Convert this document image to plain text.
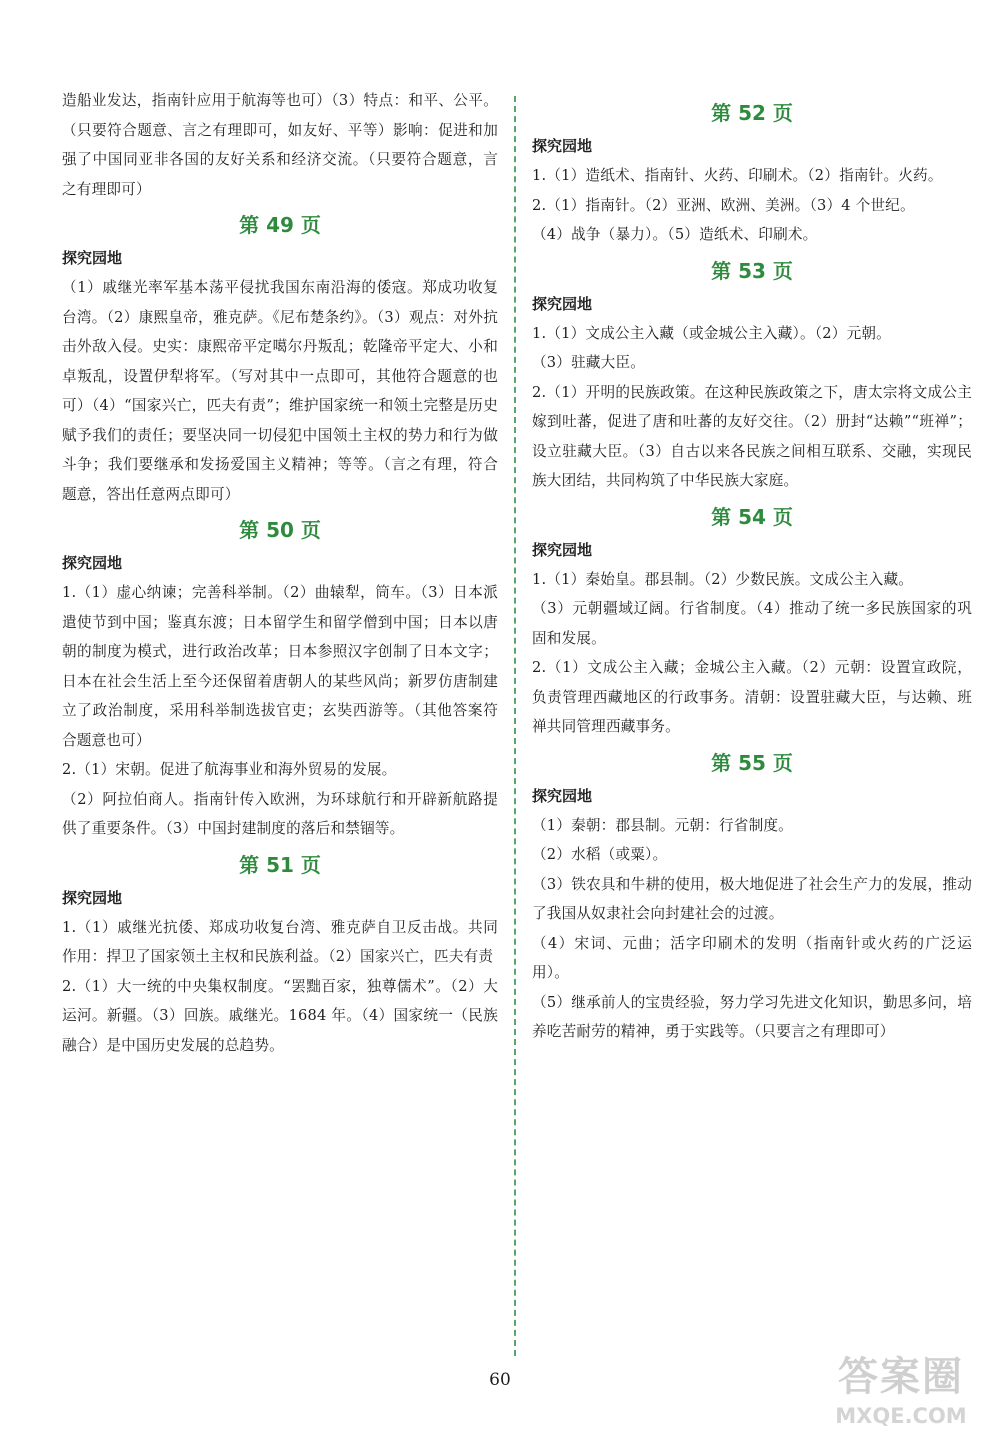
造船业发达，指南针应用于航海等也可）（3）特点：和平、公平。（只要符合题意、言之有理即可，如友好、平等）影响：促进和加强了中国同亚非各国的友好关系和经济交流。（只要符合题意，言之有理即可）

第 49 页
探究园地

（1）戚继光率军基本荡平侵扰我国东南沿海的倭寇。郑成功收复台湾。（2）康熙皇帝，雅克萨。《尼布楚条约》。（3）观点：对外抗击外敌入侵。史实：康熙帝平定噶尔丹叛乱；乾隆帝平定大、小和卓叛乱，设置伊犁将军。（写对其中一点即可，其他符合题意的也可）（4）“国家兴亡，匹夫有责”；维护国家统一和领土完整是历史赋予我们的责任；要坚决同一切侵犯中国领土主权的势力和行为做斗争；我们要继承和发扬爱国主义精神；等等。（言之有理，符合题意，答出任意两点即可）

第 50 页
探究园地

1.（1）虚心纳谏；完善科举制。（2）曲辕犁，筒车。（3）日本派遣使节到中国；鉴真东渡；日本留学生和留学僧到中国；日本以唐朝的制度为模式，进行政治改革；日本参照汉字创制了日本文字；日本在社会生活上至今还保留着唐朝人的某些风尚；新罗仿唐制建立了政治制度，采用科举制选拔官吏；玄奘西游等。（其他答案符合题意也可）

2.（1）宋朝。促进了航海事业和海外贸易的发展。

（2）阿拉伯商人。指南针传入欧洲，为环球航行和开辟新航路提供了重要条件。（3）中国封建制度的落后和禁锢等。

第 51 页
探究园地

1.（1）戚继光抗倭、郑成功收复台湾、雅克萨自卫反击战。共同作用：捍卫了国家领土主权和民族利益。（2）国家兴亡，匹夫有责

2.（1）大一统的中央集权制度。“罢黜百家，独尊儒术”。（2）大运河。新疆。（3）回族。戚继光。1684 年。（4）国家统一（民族融合）是中国历史发展的总趋势。

第 52 页
探究园地

1.（1）造纸术、指南针、火药、印刷术。（2）指南针。火药。

2.（1）指南针。（2）亚洲、欧洲、美洲。（3）4 个世纪。

（4）战争（暴力）。（5）造纸术、印刷术。

第 53 页
探究园地

1.（1）文成公主入藏（或金城公主入藏）。（2）元朝。

（3）驻藏大臣。

2.（1）开明的民族政策。在这种民族政策之下，唐太宗将文成公主嫁到吐蕃，促进了唐和吐蕃的友好交往。（2）册封“达赖”“班禅”；设立驻藏大臣。（3）自古以来各民族之间相互联系、交融，实现民族大团结，共同构筑了中华民族大家庭。

第 54 页
探究园地

1.（1）秦始皇。郡县制。（2）少数民族。文成公主入藏。

（3）元朝疆域辽阔。行省制度。（4）推动了统一多民族国家的巩固和发展。

2.（1）文成公主入藏；金城公主入藏。（2）元朝：设置宣政院，负责管理西藏地区的行政事务。清朝：设置驻藏大臣，与达赖、班禅共同管理西藏事务。

第 55 页
探究园地

（1）秦朝：郡县制。元朝：行省制度。

（2）水稻（或粟）。

（3）铁农具和牛耕的使用，极大地促进了社会生产力的发展，推动了我国从奴隶社会向封建社会的过渡。

（4）宋词、元曲；活字印刷术的发明（指南针或火药的广泛运用）。

（5）继承前人的宝贵经验，努力学习先进文化知识，勤思多问，培养吃苦耐劳的精神，勇于实践等。（只要言之有理即可）

60	答案圈
MXQE.COM
